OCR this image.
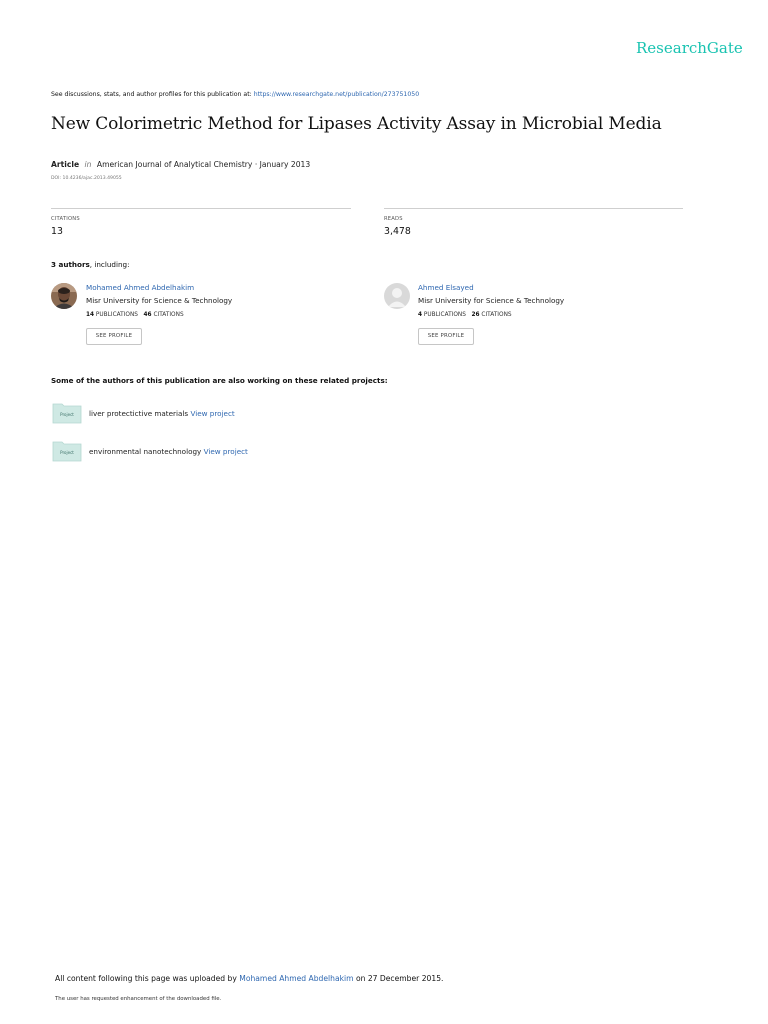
ResearchGate
See discussions, stats, and author profiles for this publication at: https://www.researchgate.net/publication/273751050
New Colorimetric Method for Lipases Activity Assay in Microbial Media
Article in American Journal of Analytical Chemistry · January 2013
DOI: 10.4236/ajac.2013.49055
CITATIONS
13
READS
3,478
3 authors, including:
Mohamed Ahmed Abdelhakim
Misr University for Science & Technology
14 PUBLICATIONS 46 CITATIONS
SEE PROFILE
Ahmed Elsayed
Misr University for Science & Technology
4 PUBLICATIONS 26 CITATIONS
SEE PROFILE
Some of the authors of this publication are also working on these related projects:
Project	liver protectictive materials View project
Project	environmental nanotechnology View project
All content following this page was uploaded by Mohamed Ahmed Abdelhakim on 27 December 2015.
The user has requested enhancement of the downloaded file.
